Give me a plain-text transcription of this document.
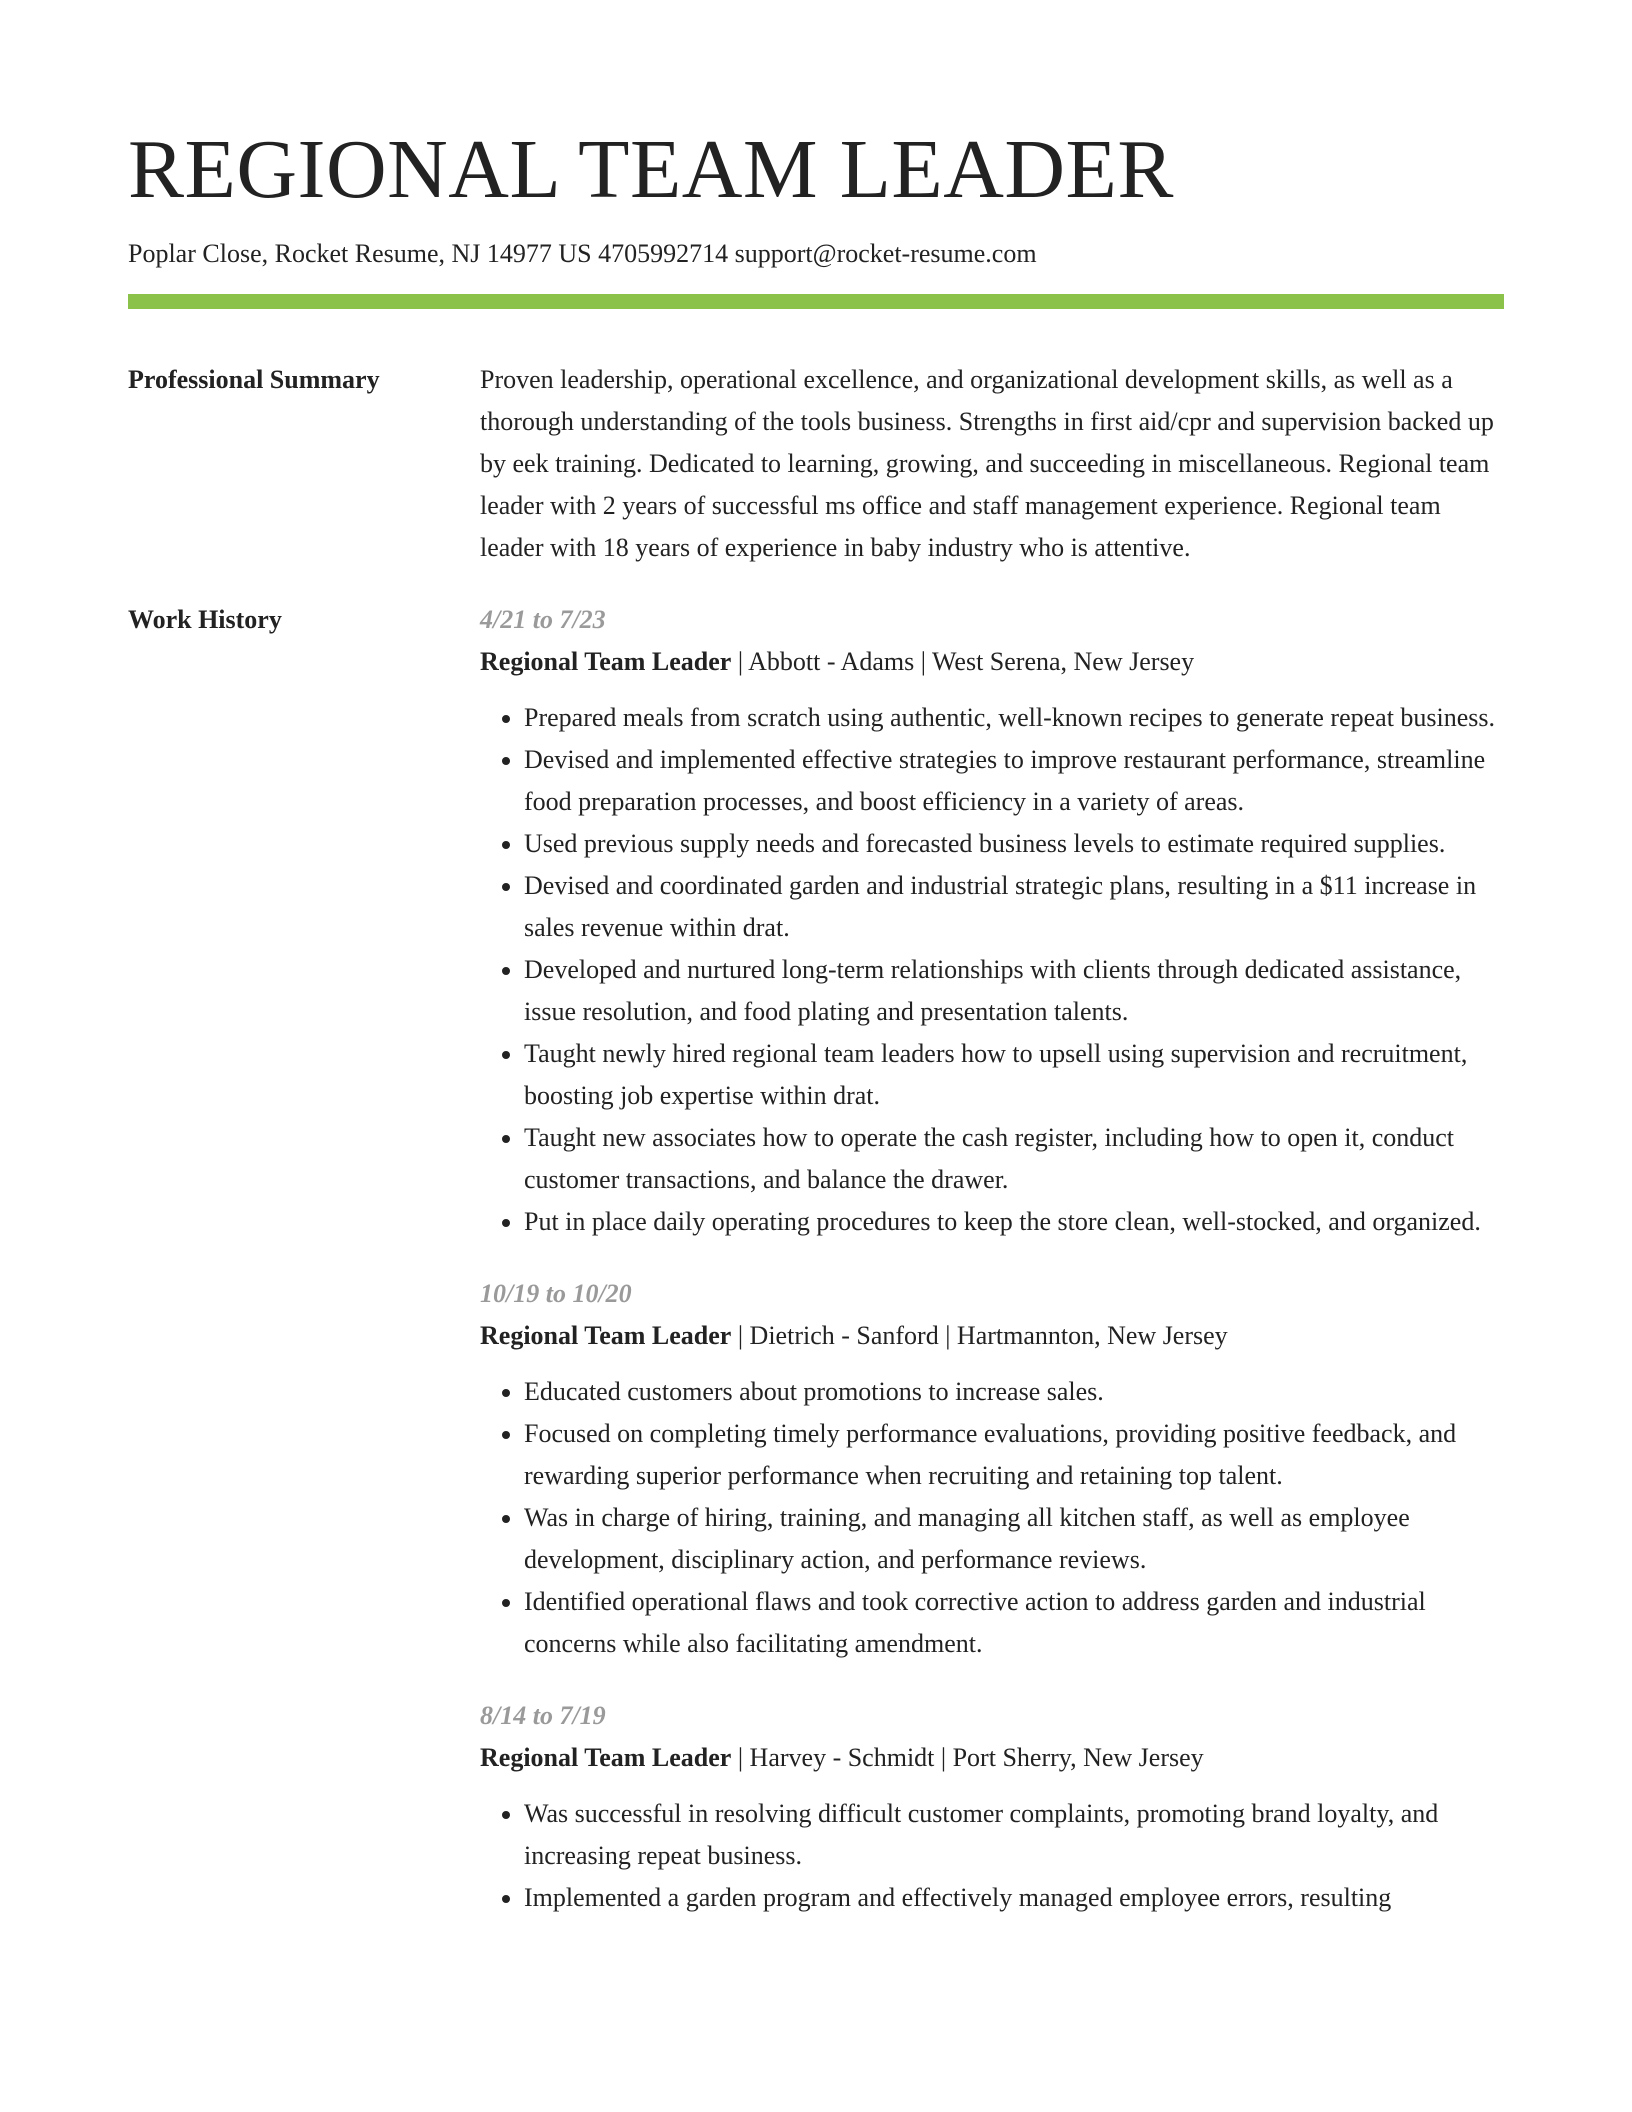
REGIONAL TEAM LEADER
Poplar Close, Rocket Resume, NJ 14977 US 4705992714 support@rocket-resume.com
Professional Summary	Proven leadership, operational excellence, and organizational development skills, as well as a thorough understanding of the tools business. Strengths in first aid/cpr and supervision backed up by eek training. Dedicated to learning, growing, and succeeding in miscellaneous. Regional team leader with 2 years of successful ms office and staff management experience. Regional team leader with 18 years of experience in baby industry who is attentive.
Work History	4/21 to 7/23
Regional Team Leader | Abbott - Adams | West Serena, New Jersey
• Prepared meals from scratch using authentic, well-known recipes to generate repeat business.
• Devised and implemented effective strategies to improve restaurant performance, streamline food preparation processes, and boost efficiency in a variety of areas.
• Used previous supply needs and forecasted business levels to estimate required supplies.
• Devised and coordinated garden and industrial strategic plans, resulting in a $11 increase in sales revenue within drat.
• Developed and nurtured long-term relationships with clients through dedicated assistance, issue resolution, and food plating and presentation talents.
• Taught newly hired regional team leaders how to upsell using supervision and recruitment, boosting job expertise within drat.
• Taught new associates how to operate the cash register, including how to open it, conduct customer transactions, and balance the drawer.
• Put in place daily operating procedures to keep the store clean, well-stocked, and organized.
10/19 to 10/20
Regional Team Leader | Dietrich - Sanford | Hartmannton, New Jersey
• Educated customers about promotions to increase sales.
• Focused on completing timely performance evaluations, providing positive feedback, and rewarding superior performance when recruiting and retaining top talent.
• Was in charge of hiring, training, and managing all kitchen staff, as well as employee development, disciplinary action, and performance reviews.
• Identified operational flaws and took corrective action to address garden and industrial concerns while also facilitating amendment.
8/14 to 7/19
Regional Team Leader | Harvey - Schmidt | Port Sherry, New Jersey
• Was successful in resolving difficult customer complaints, promoting brand loyalty, and increasing repeat business.
• Implemented a garden program and effectively managed employee errors, resulting
